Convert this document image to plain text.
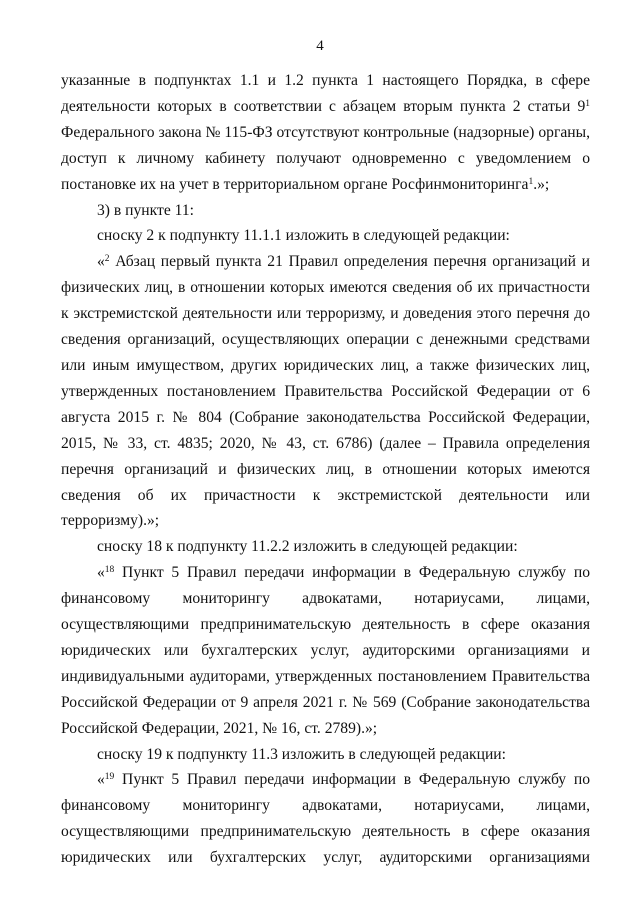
4

указанные в подпунктах 1.1 и 1.2 пункта 1 настоящего Порядка, в сфере деятельности которых в соответствии с абзацем вторым пункта 2 статьи $9^1$ Федерального закона № 115-ФЗ отсутствуют контрольные (надзорные) органы, доступ к личному кабинету получают одновременно с уведомлением о постановке их на учет в территориальном органе Росфинмониторинга$^1$.»;

3) в пункте 11:

сноску 2 к подпункту 11.1.1 изложить в следующей редакции:

«$^2$ Абзац первый пункта 21 Правил определения перечня организаций и физических лиц, в отношении которых имеются сведения об их причастности к экстремистской деятельности или терроризму, и доведения этого перечня до сведения организаций, осуществляющих операции с денежными средствами или иным имуществом, других юридических лиц, а также физических лиц, утвержденных постановлением Правительства Российской Федерации от 6 августа 2015 г. № 804 (Собрание законодательства Российской Федерации, 2015, № 33, ст. 4835; 2020, № 43, ст. 6786) (далее – Правила определения перечня организаций и физических лиц, в отношении которых имеются сведения об их причастности к экстремистской деятельности или терроризму).»;

сноску 18 к подпункту 11.2.2 изложить в следующей редакции:

«$^{18}$ Пункт 5 Правил передачи информации в Федеральную службу по финансовому мониторингу адвокатами, нотариусами, лицами, осуществляющими предпринимательскую деятельность в сфере оказания юридических или бухгалтерских услуг, аудиторскими организациями и индивидуальными аудиторами, утвержденных постановлением Правительства Российской Федерации от 9 апреля 2021 г. № 569 (Собрание законодательства Российской Федерации, 2021, № 16, ст. 2789).»;

сноску 19 к подпункту 11.3 изложить в следующей редакции:

«$^{19}$ Пункт 5 Правил передачи информации в Федеральную службу по финансовому мониторингу адвокатами, нотариусами, лицами, осуществляющими предпринимательскую деятельность в сфере оказания юридических или бухгалтерских услуг, аудиторскими организациями
